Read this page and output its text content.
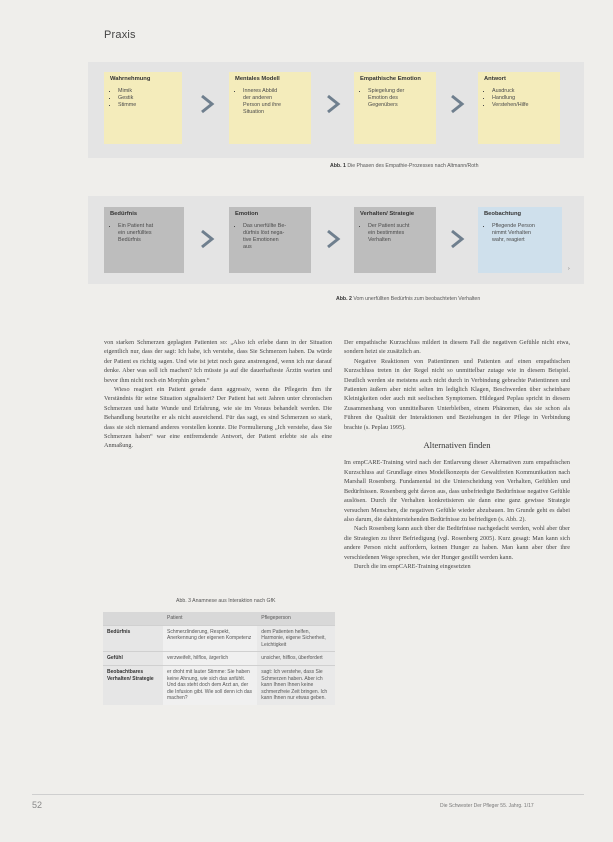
Praxis
Wahrnehmung
▪ Mimik
▪ Gestik
▪ Stimme
Mentales Modell
▪ Inneres Abbild
der anderen
Person und ihre
Situation
Empathische Emotion
▪ Spiegelung der
Emotion des
Gegenübers
Antwort
▪ Ausdruck
▪ Handlung
▪ Verstehen/Hilfe
Abb. 1 Die Phasen des Empathie-Prozesses nach Altmann/Roth
Bedürfnis
▪ Ein Patient hat
ein unerfülltes
Bedürfnis
Emotion
▪ Das unerfüllte Be-
dürfnis löst nega-
tive Emotionen
aus
Verhalten/ Strategie
▪ Der Patient sucht
ein bestimmtes
Verhalten
Beobachtung
▪ Pflegende Person
nimmt Verhalten
wahr, reagiert
›
Abb. 2 Vom unerfüllten Bedürfnis zum beobachteten Verhalten

von starken Schmerzen geplagten Patienten so: „Also ich erlebe dann in der Situation eigentlich nur, dass der sagt: Ich habe, ich verstehe, dass Sie Schmerzen haben. Da würde der Patient es richtig sagen. Und wie ist jetzt noch ganz anstrengend, wenn ich nur darauf denke. Aber was soll ich machen? Ich müsste ja auf die dauerhafteste Ärztin warten und bevor ihm nicht noch ein Morphin geben.“

Wieso reagiert ein Patient gerade dann aggressiv, wenn die Pflegerin ihm ihr Verständnis für seine Situation signalisiert? Der Patient hat seit Jahren unter chronischen Schmerzen und hatte Wunde und Erfahrung, wie sie im Voraus behandelt werden. Die Behandlung beurteilte er als nicht ausreichend. Für das sagt, es sind Schmerzen so stark, dass sie sich niemand anderes vorstellen konnte. Die Formulierung „Ich verstehe, dass Sie Schmerzen haben“ war eine entfremdende Antwort, der Patient erlebte sie als eine Anmaßung.

Abb. 3 Anamnese aus Interaktion nach GfK
	Patient	Pflegeperson
Bedürfnis	Schmerzlinderung, Respekt, Anerkennung der eigenen Kompetenz	dem Patienten helfen, Harmonie, eigene Sicherheit, Leichtigkeit
Gefühl	verzweifelt, hilflos, ärgerlich	unsicher, hilflos, überfordert
Beobachtbares Verhalten/ Strategie	er droht mit lauter Stimme: Sie haben keine Ahnung, wie sich das anfühlt. Und das steht doch dem Arzt an, der die Infusion gibt. Wie soll denn ich das machen?	sagt: Ich verstehe, dass Sie Schmerzen haben. Aber ich kann Ihnen Ihnen keine schmerzfreie Zeit bringen. Ich kann Ihnen nur etwas geben.

Der empathische Kurzschluss mildert in diesem Fall die negativen Gefühle nicht etwa, sondern heizt sie zusätzlich an.

Negative Reaktionen von Patientinnen und Patienten auf einen empathischen Kurzschluss treten in der Regel nicht so unmittelbar zutage wie in diesem Beispiel. Deutlich werden sie meistens auch nicht durch in Verbindung gebrachte Patientinnen und Patienten äußern aber nicht selten im lediglich Klagen, Beschwerden über scheinbare Kleinigkeiten oder auch mit seelischen Symptomen. Hildegard Peplau spricht in diesem Zusammenhang von unmittelbaren Unterbleiben, einem Phänomen, das sie schon als Führen die Qualität der Interaktionen und Beziehungen in der Pflege in Verbindung brachte (s. Peplau 1995).

Alternativen finden

Im empCARE-Training wird nach der Entlarvung dieser Alternativen zum empathischen Kurzschluss auf Grundlage eines Modellkonzepts der Gewaltfreien Kommunikation nach Marshall Rosenberg. Fundamental ist die Unterscheidung von Verhalten, Gefühlen und Bedürfnissen. Rosenberg geht davon aus, dass unbefriedigte Bedürfnisse negative Gefühle auslösen. Durch ihr Verhalten konkretisieren sie dann eine ganz gewisse Strategie versuchen Menschen, die negativen Gefühle wieder abzubauen. Im Grunde geht es dabei also darum, die dahinterstehenden Bedürfnisse zu befriedigen (s. Abb. 2).

Nach Rosenberg kann auch über die Bedürfnisse nachgedacht werden, wohl aber über die Strategien zu ihrer Befriedigung (vgl. Rosenberg 2005). Kurz gesagt: Man kann sich andere Person nicht auffordern, keinen Hunger zu haben. Man kann aber über ihre verschiedenen Wege sprechen, wie der Hunger gestillt werden kann.

Durch die im empCARE-Training eingesetzten

52	Die Schwester Der Pfleger 55. Jahrg. 1/17
